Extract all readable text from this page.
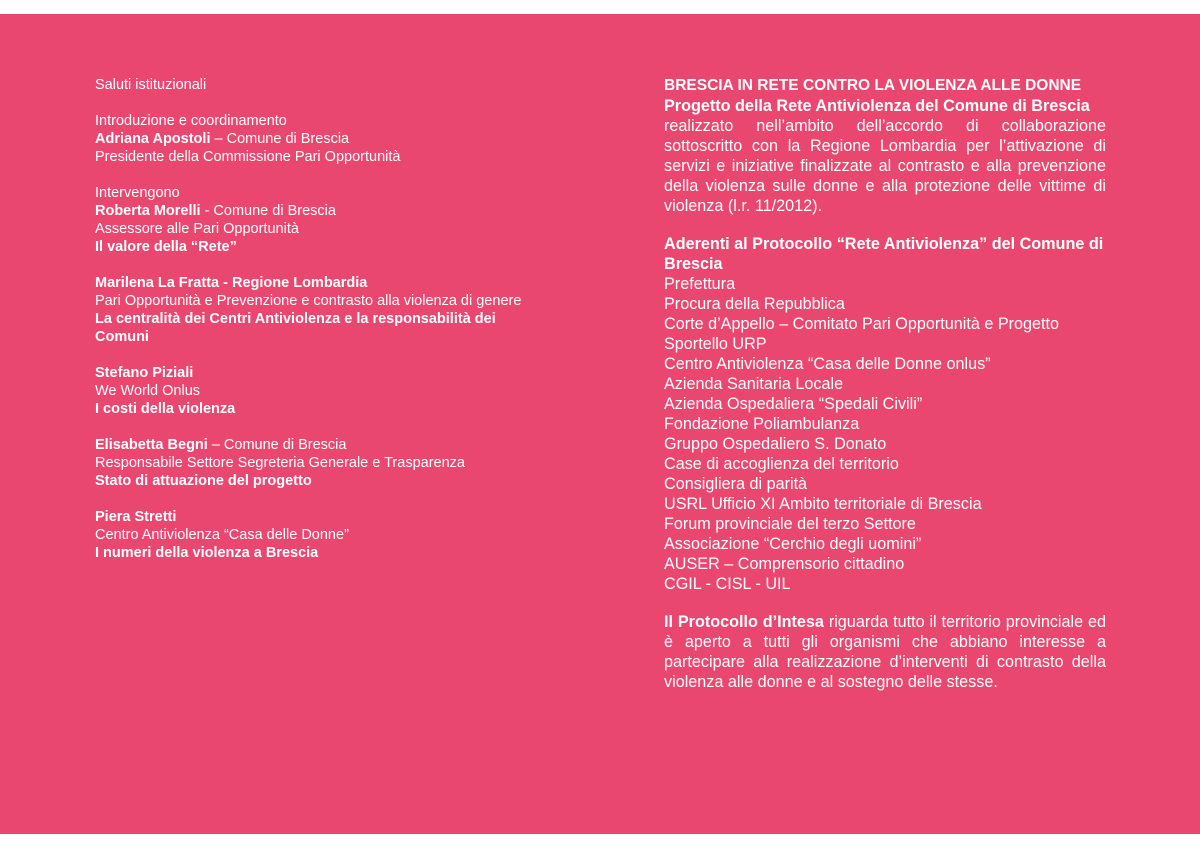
Saluti istituzionali

Introduzione e coordinamento

Adriana Apostoli – Comune di Brescia

Presidente della Commissione Pari Opportunità

Intervengono

Roberta Morelli - Comune di Brescia

Assessore alle Pari Opportunità

Il valore della “Rete”

Marilena La Fratta - Regione Lombardia

Pari Opportunità e Prevenzione e contrasto alla violenza di genere

La centralità dei Centri Antiviolenza e la responsabilità dei Comuni

Stefano Piziali

We World Onlus

I costi della violenza

Elisabetta Begni – Comune di Brescia

Responsabile Settore Segreteria Generale e Trasparenza

Stato di attuazione del progetto

Piera Stretti

Centro Antiviolenza “Casa delle Donne”

I numeri della violenza a Brescia

BRESCIA IN RETE CONTRO LA VIOLENZA ALLE DONNE

Progetto della Rete Antiviolenza del Comune di Brescia

realizzato nell’ambito dell’accordo di collaborazione sottoscritto con la Regione Lombardia per l’attivazione di servizi e iniziative finalizzate al contrasto e alla prevenzione della violenza sulle donne e alla protezione delle vittime di violenza (l.r. 11/2012).

Aderenti al Protocollo “Rete Antiviolenza” del Comune di Brescia

Prefettura
Procura della Repubblica
Corte d’Appello – Comitato Pari Opportunità e Progetto Sportello URP
Centro Antiviolenza “Casa delle Donne onlus”
Azienda Sanitaria Locale
Azienda Ospedaliera “Spedali Civili”
Fondazione Poliambulanza
Gruppo Ospedaliero S. Donato
Case di accoglienza del territorio
Consigliera di parità
USRL Ufficio XI Ambito territoriale di Brescia
Forum provinciale del terzo Settore
Associazione “Cerchio degli uomini”
AUSER – Comprensorio cittadino
CGIL - CISL - UIL

Il Protocollo d’Intesa riguarda tutto il territorio provinciale ed è aperto a tutti gli organismi che abbiano interesse a partecipare alla realizzazione d’interventi di contrasto della violenza alle donne e al sostegno delle stesse.
